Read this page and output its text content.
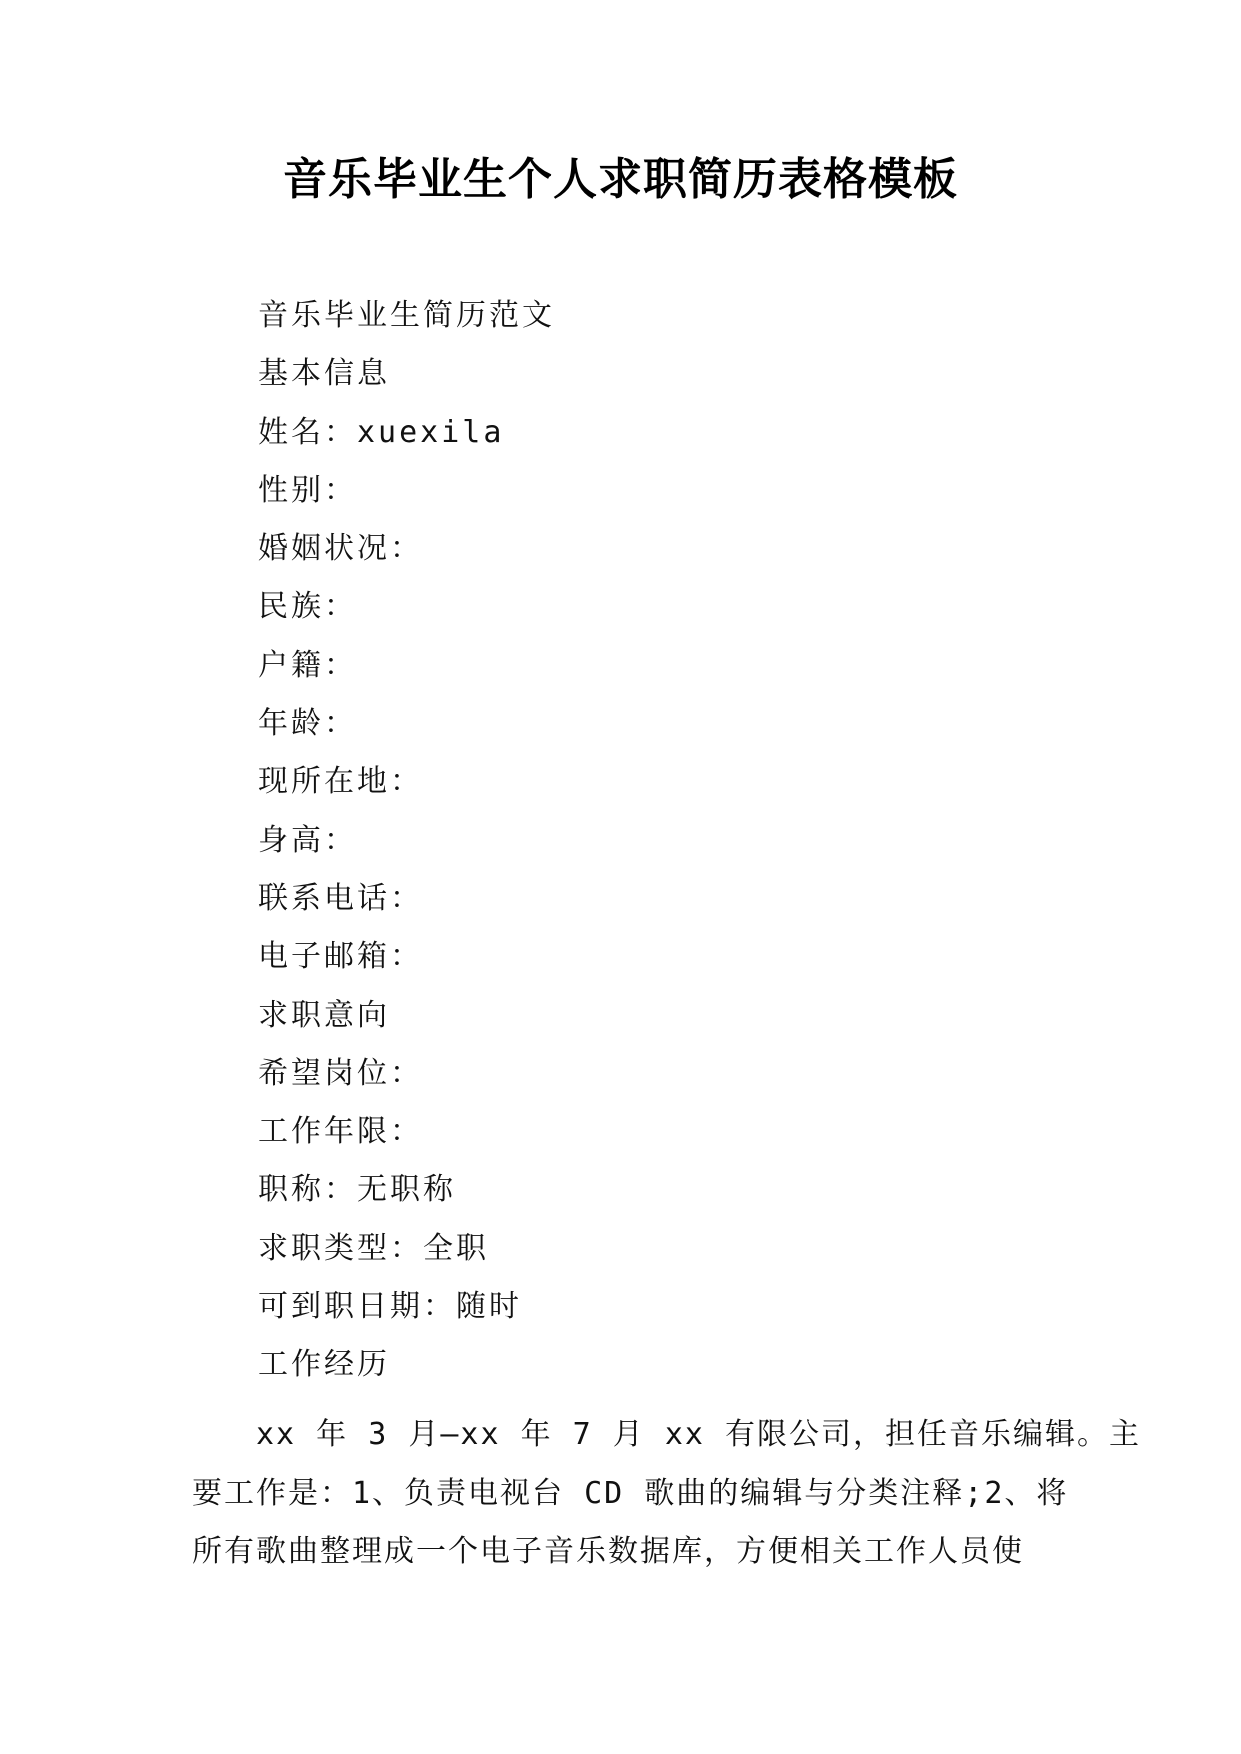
音乐毕业生个人求职简历表格模板
音乐毕业生简历范文
基本信息
姓名：xuexila
性别：
婚姻状况：
民族：
户籍：
年龄：
现所在地：
身高：
联系电话：
电子邮箱：
求职意向
希望岗位：
工作年限：
职称：无职称
求职类型：全职
可到职日期：随时
工作经历
xx 年 3 月—xx 年 7 月 xx 有限公司，担任音乐编辑。主
要工作是：1、负责电视台 CD 歌曲的编辑与分类注释;2、将
所有歌曲整理成一个电子音乐数据库，方便相关工作人员使
